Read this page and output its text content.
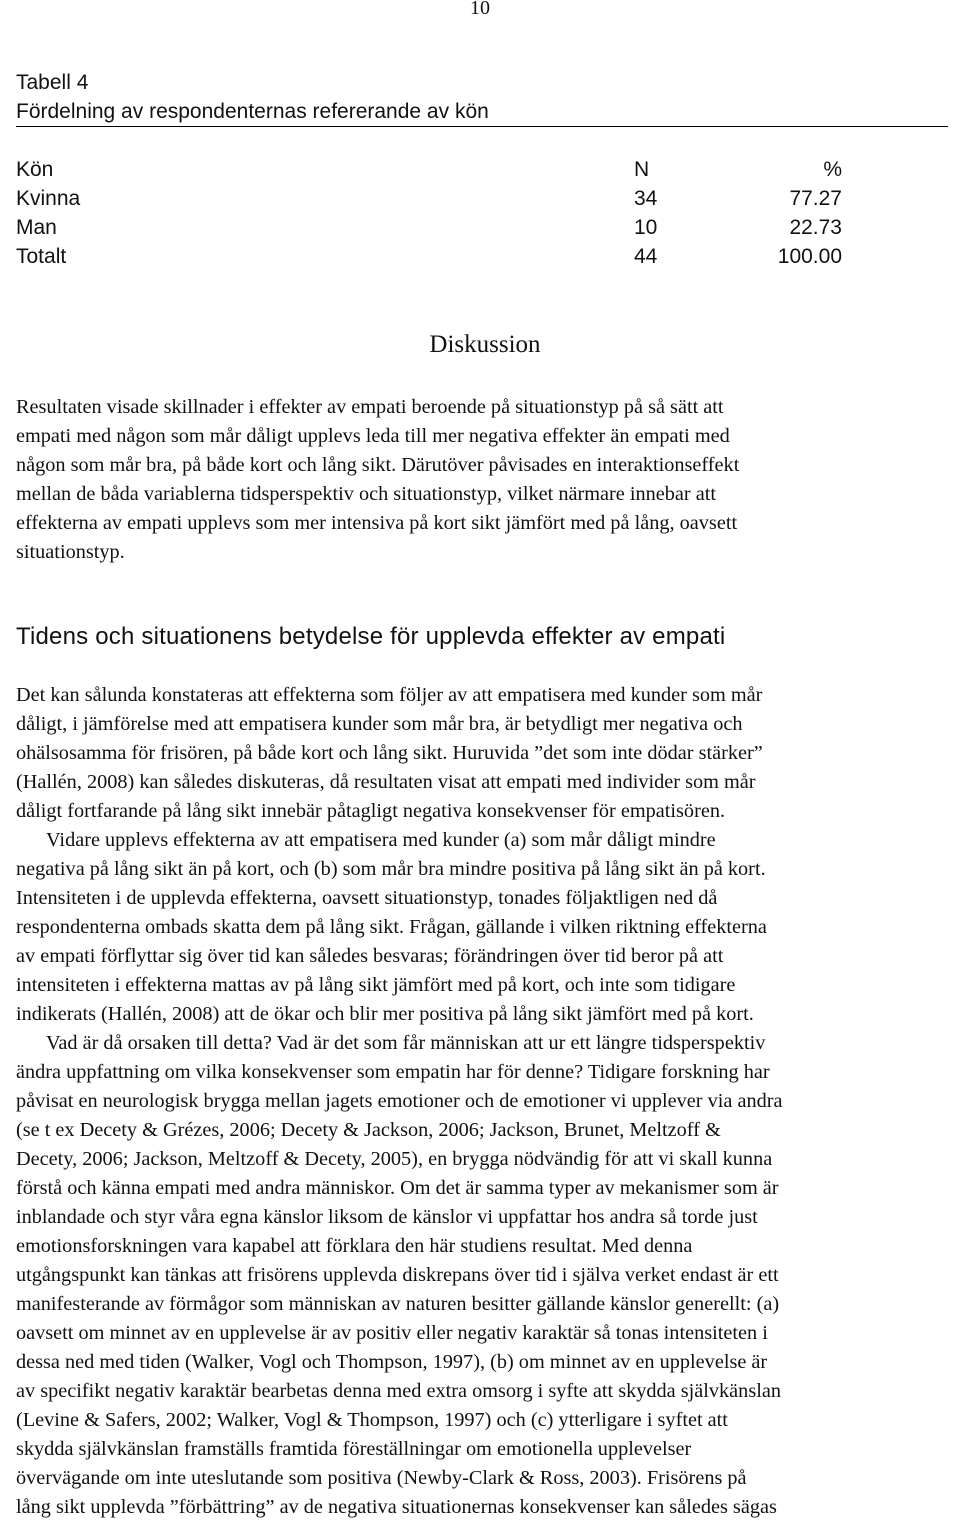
10
Tabell 4
Fördelning av respondenternas refererande av kön
Kön	N	%
Kvinna	34	77.27
Man	10	22.73
Totalt	44	100.00
Diskussion
Resultaten visade skillnader i effekter av empati beroende på situationstyp på så sätt att
empati med någon som mår dåligt upplevs leda till mer negativa effekter än empati med
någon som mår bra, på både kort och lång sikt. Därutöver påvisades en interaktionseffekt
mellan de båda variablerna tidsperspektiv och situationstyp, vilket närmare innebar att
effekterna av empati upplevs som mer intensiva på kort sikt jämfört med på lång, oavsett
situationstyp.
Tidens och situationens betydelse för upplevda effekter av empati
Det kan sålunda konstateras att effekterna som följer av att empatisera med kunder som mår
dåligt, i jämförelse med att empatisera kunder som mår bra, är betydligt mer negativa och
ohälsosamma för frisören, på både kort och lång sikt. Huruvida ”det som inte dödar stärker”
(Hallén, 2008) kan således diskuteras, då resultaten visat att empati med individer som mår
dåligt fortfarande på lång sikt innebär påtagligt negativa konsekvenser för empatisören.
Vidare upplevs effekterna av att empatisera med kunder (a) som mår dåligt mindre
negativa på lång sikt än på kort, och (b) som mår bra mindre positiva på lång sikt än på kort.
Intensiteten i de upplevda effekterna, oavsett situationstyp, tonades följaktligen ned då
respondenterna ombads skatta dem på lång sikt. Frågan, gällande i vilken riktning effekterna
av empati förflyttar sig över tid kan således besvaras; förändringen över tid beror på att
intensiteten i effekterna mattas av på lång sikt jämfört med på kort, och inte som tidigare
indikerats (Hallén, 2008) att de ökar och blir mer positiva på lång sikt jämfört med på kort.
Vad är då orsaken till detta? Vad är det som får människan att ur ett längre tidsperspektiv
ändra uppfattning om vilka konsekvenser som empatin har för denne? Tidigare forskning har
påvisat en neurologisk brygga mellan jagets emotioner och de emotioner vi upplever via andra
(se t ex Decety & Grézes, 2006; Decety & Jackson, 2006; Jackson, Brunet, Meltzoff &
Decety, 2006; Jackson, Meltzoff & Decety, 2005), en brygga nödvändig för att vi skall kunna
förstå och känna empati med andra människor. Om det är samma typer av mekanismer som är
inblandade och styr våra egna känslor liksom de känslor vi uppfattar hos andra så torde just
emotionsforskningen vara kapabel att förklara den här studiens resultat. Med denna
utgångspunkt kan tänkas att frisörens upplevda diskrepans över tid i själva verket endast är ett
manifesterande av förmågor som människan av naturen besitter gällande känslor generellt: (a)
oavsett om minnet av en upplevelse är av positiv eller negativ karaktär så tonas intensiteten i
dessa ned med tiden (Walker, Vogl och Thompson, 1997), (b) om minnet av en upplevelse är
av specifikt negativ karaktär bearbetas denna med extra omsorg i syfte att skydda självkänslan
(Levine & Safers, 2002; Walker, Vogl & Thompson, 1997) och (c) ytterligare i syftet att
skydda självkänslan framställs framtida föreställningar om emotionella upplevelser
övervägande om inte uteslutande som positiva (Newby-Clark & Ross, 2003). Frisörens på
lång sikt upplevda ”förbättring” av de negativa situationernas konsekvenser kan således sägas
